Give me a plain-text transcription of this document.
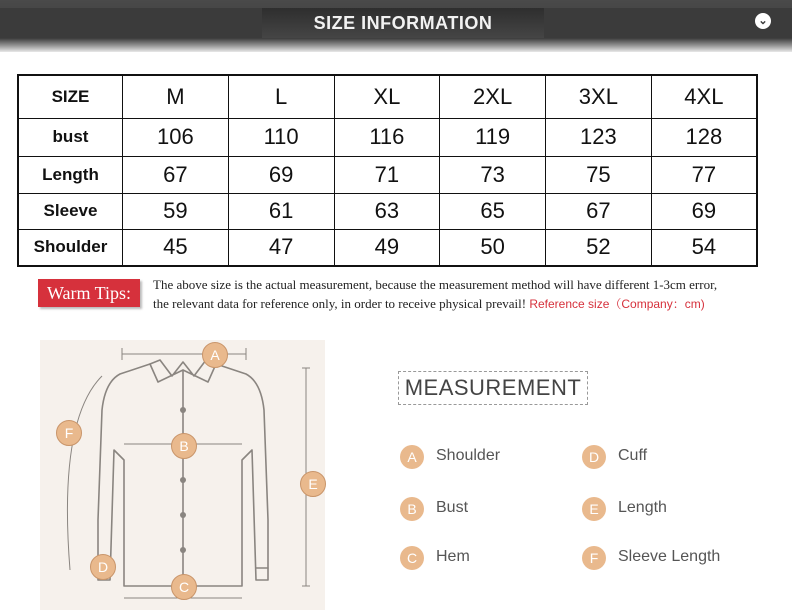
SIZE INFORMATION	⌄
SIZE	M	L	XL	2XL	3XL	4XL
bust	106	110	116	119	123	128
Length	67	69	71	73	75	77
Sleeve	59	61	63	65	67	69
Shoulder	45	47	49	50	52	54
Warm Tips:	The above size is the actual measurement, because the measurement method will have different 1-3cm error,
the relevant data for reference only, in order to receive physical prevail! Reference size（Company：cm)
A
B
C
D
E
F
MEASUREMENT
A	Shoulder
B	Bust
C	Hem
D	Cuff
E	Length
F	Sleeve Length
